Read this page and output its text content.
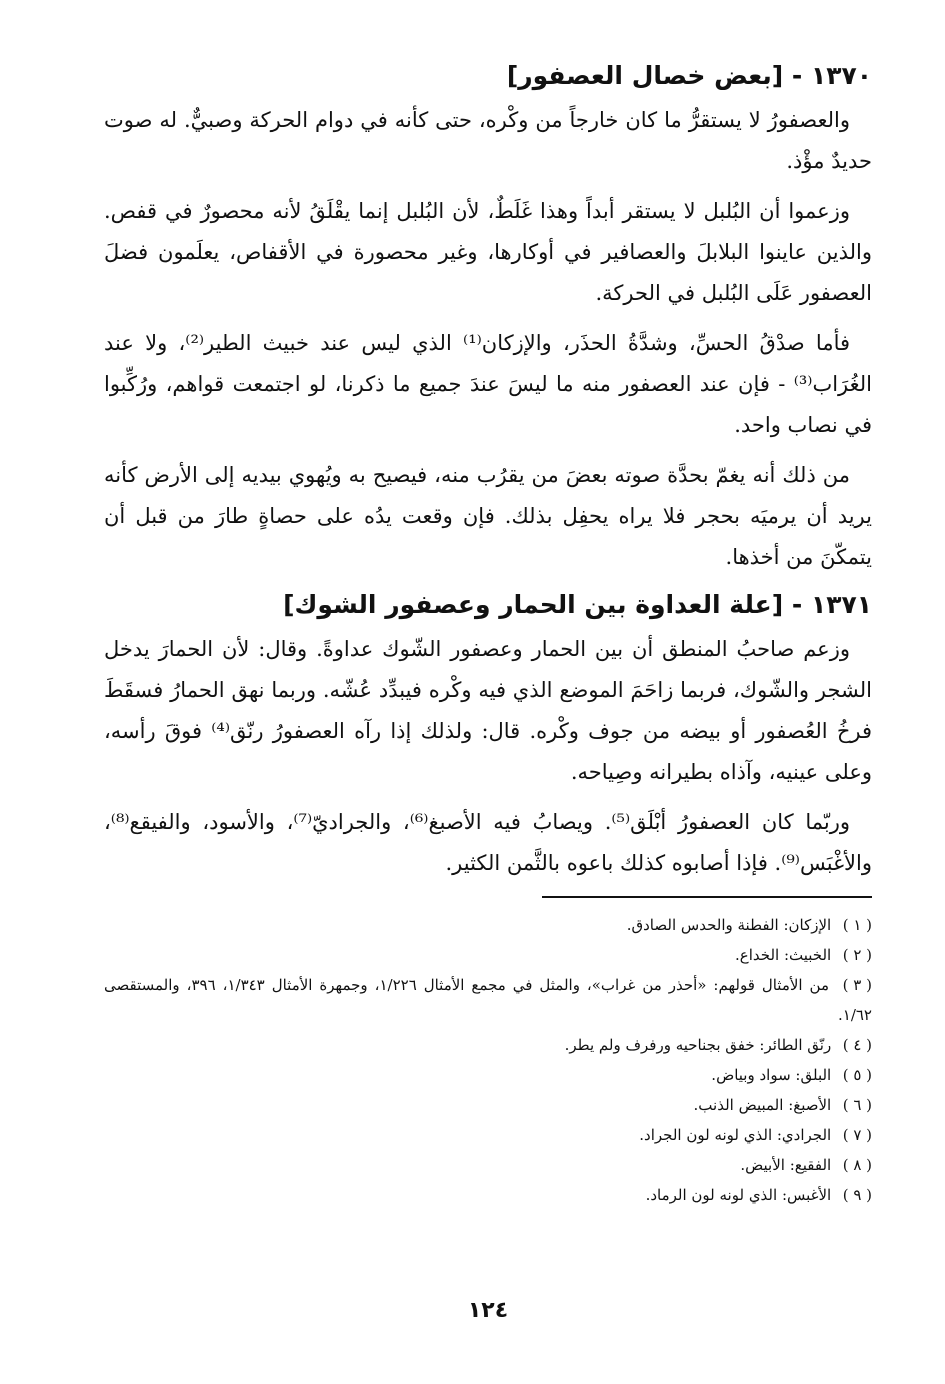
١٣٧٠ - [بعض خصال العصفور]

والعصفورُ لا يستقرُّ ما كان خارجاً من وكْره، حتى كأنه في دوام الحركة وصبيٌّ. له صوت حديدٌ مؤْذ.

وزعموا أن البُلبل لا يستقر أبداً وهذا غَلَطٌ، لأن البُلبل إنما يقْلَقُ لأنه محصورٌ في قفص. والذين عاينوا البلابلَ والعصافير في أوكارها، وغير محصورة في الأقفاص، يعلَمون فضلَ العصفور عَلَى البُلبل في الحركة.

فأما صدْقُ الحسِّ، وشدَّةُ الحذَر، والإزكان⁽¹⁾ الذي ليس عند خبيث الطير⁽²⁾، ولا عند الغُرَاب⁽³⁾ - فإن عند العصفور منه ما ليسَ عندَ جميع ما ذكرنا، لو اجتمعت قواهم، ورُكِّبوا في نصاب واحد.

من ذلك أنه يغمّ بحدَّة صوته بعضَ من يقرُب منه، فيصيح به ويُهوي بيديه إلى الأرض كأنه يريد أن يرميَه بحجر فلا يراه يحفِل بذلك. فإن وقعت يدُه على حصاةٍ طارَ من قبل أن يتمكّنَ من أخذها.

١٣٧١ - [علة العداوة بين الحمار وعصفور الشوك]

وزعم صاحبُ المنطق أن بين الحمار وعصفور الشّوك عداوةً. وقال: لأن الحمارَ يدخل الشجر والشّوك، فربما زاحَمَ الموضع الذي فيه وكْره فيبدِّد عُشّه. وربما نهق الحمارُ فسقَطَ فرخُ العُصفور أو بيضه من جوف وكْره. قال: ولذلك إذا رآه العصفورُ رنّق⁽⁴⁾ فوقَ رأسه، وعلى عينيه، وآذاه بطيرانه وصِياحه.

وربّما كان العصفورُ أبْلَق⁽⁵⁾. ويصابُ فيه الأصبغ⁽⁶⁾، والجراديّ⁽⁷⁾، والأسود، والفيقع⁽⁸⁾، والأغْبَس⁽⁹⁾. فإذا أصابوه كذلك باعوه بالثَّمن الكثير.

( ١ ) الإزكان: الفطنة والحدس الصادق.
( ٢ ) الخبيث: الخداع.
( ٣ ) من الأمثال قولهم: «أحذر من غراب»، والمثل في مجمع الأمثال ١/٢٢٦، وجمهرة الأمثال ١/٣٤٣، ٣٩٦، والمستقصى ١/٦٢.
( ٤ ) رنّق الطائر: خفق بجناحيه ورفرف ولم يطر.
( ٥ ) البلق: سواد وبياض.
( ٦ ) الأصبغ: المبيض الذنب.
( ٧ ) الجرادي: الذي لونه لون الجراد.
( ٨ ) الفقيع: الأبيض.
( ٩ ) الأغبس: الذي لونه لون الرماد.
١٢٤
